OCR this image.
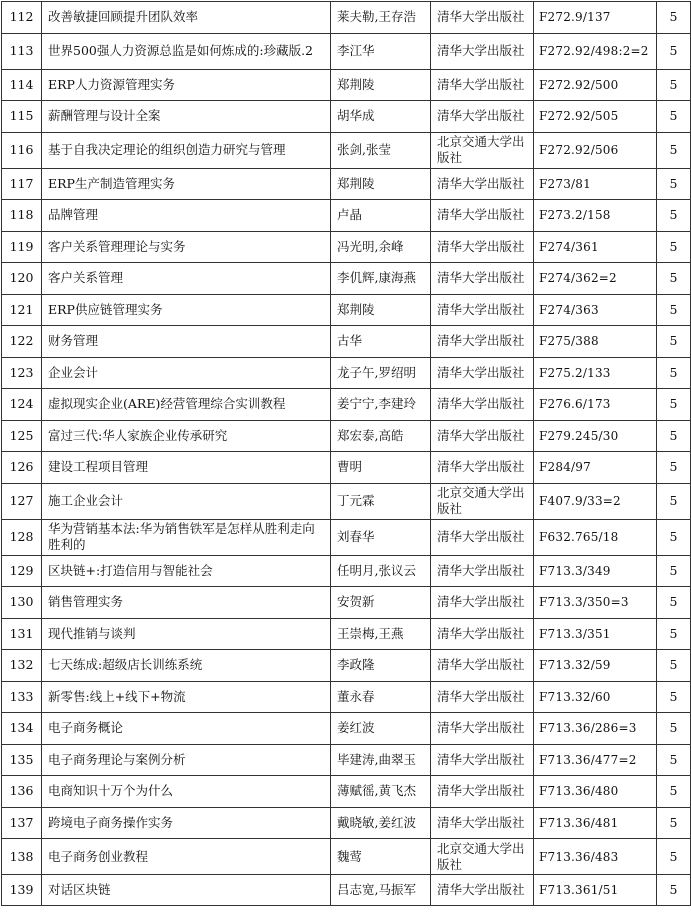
112	改善敏捷回顾提升团队效率	莱夫勒,王存浩	清华大学出版社	F272.9/137	5
113	世界500强人力资源总监是如何炼成的:珍藏版.2	李江华	清华大学出版社	F272.92/498:2=2	5
114	ERP人力资源管理实务	郑荆陵	清华大学出版社	F272.92/500	5
115	薪酬管理与设计全案	胡华成	清华大学出版社	F272.92/505	5
116	基于自我决定理论的组织创造力研究与管理	张剑,张莹	北京交通大学出版社	F272.92/506	5
117	ERP生产制造管理实务	郑荆陵	清华大学出版社	F273/81	5
118	品牌管理	卢晶	清华大学出版社	F273.2/158	5
119	客户关系管理理论与实务	冯光明,余峰	清华大学出版社	F274/361	5
120	客户关系管理	李仉辉,康海燕	清华大学出版社	F274/362=2	5
121	ERP供应链管理实务	郑荆陵	清华大学出版社	F274/363	5
122	财务管理	古华	清华大学出版社	F275/388	5
123	企业会计	龙子午,罗绍明	清华大学出版社	F275.2/133	5
124	虚拟现实企业(ARE)经营管理综合实训教程	姜宁宁,李建玲	清华大学出版社	F276.6/173	5
125	富过三代:华人家族企业传承研究	郑宏泰,高皓	清华大学出版社	F279.245/30	5
126	建设工程项目管理	曹明	清华大学出版社	F284/97	5
127	施工企业会计	丁元霖	北京交通大学出版社	F407.9/33=2	5
128	华为营销基本法:华为销售铁军是怎样从胜利走向胜利的	刘春华	清华大学出版社	F632.765/18	5
129	区块链+:打造信用与智能社会	任明月,张议云	清华大学出版社	F713.3/349	5
130	销售管理实务	安贺新	清华大学出版社	F713.3/350=3	5
131	现代推销与谈判	王崇梅,王燕	清华大学出版社	F713.3/351	5
132	七天练成:超级店长训练系统	李政隆	清华大学出版社	F713.32/59	5
133	新零售:线上+线下+物流	董永春	清华大学出版社	F713.32/60	5
134	电子商务概论	姜红波	清华大学出版社	F713.36/286=3	5
135	电子商务理论与案例分析	毕建涛,曲翠玉	清华大学出版社	F713.36/477=2	5
136	电商知识十万个为什么	薄赋徭,黄飞杰	清华大学出版社	F713.36/480	5
137	跨境电子商务操作实务	戴晓敏,姜红波	清华大学出版社	F713.36/481	5
138	电子商务创业教程	魏莺	北京交通大学出版社	F713.36/483	5
139	对话区块链	吕志宽,马振军	清华大学出版社	F713.361/51	5
